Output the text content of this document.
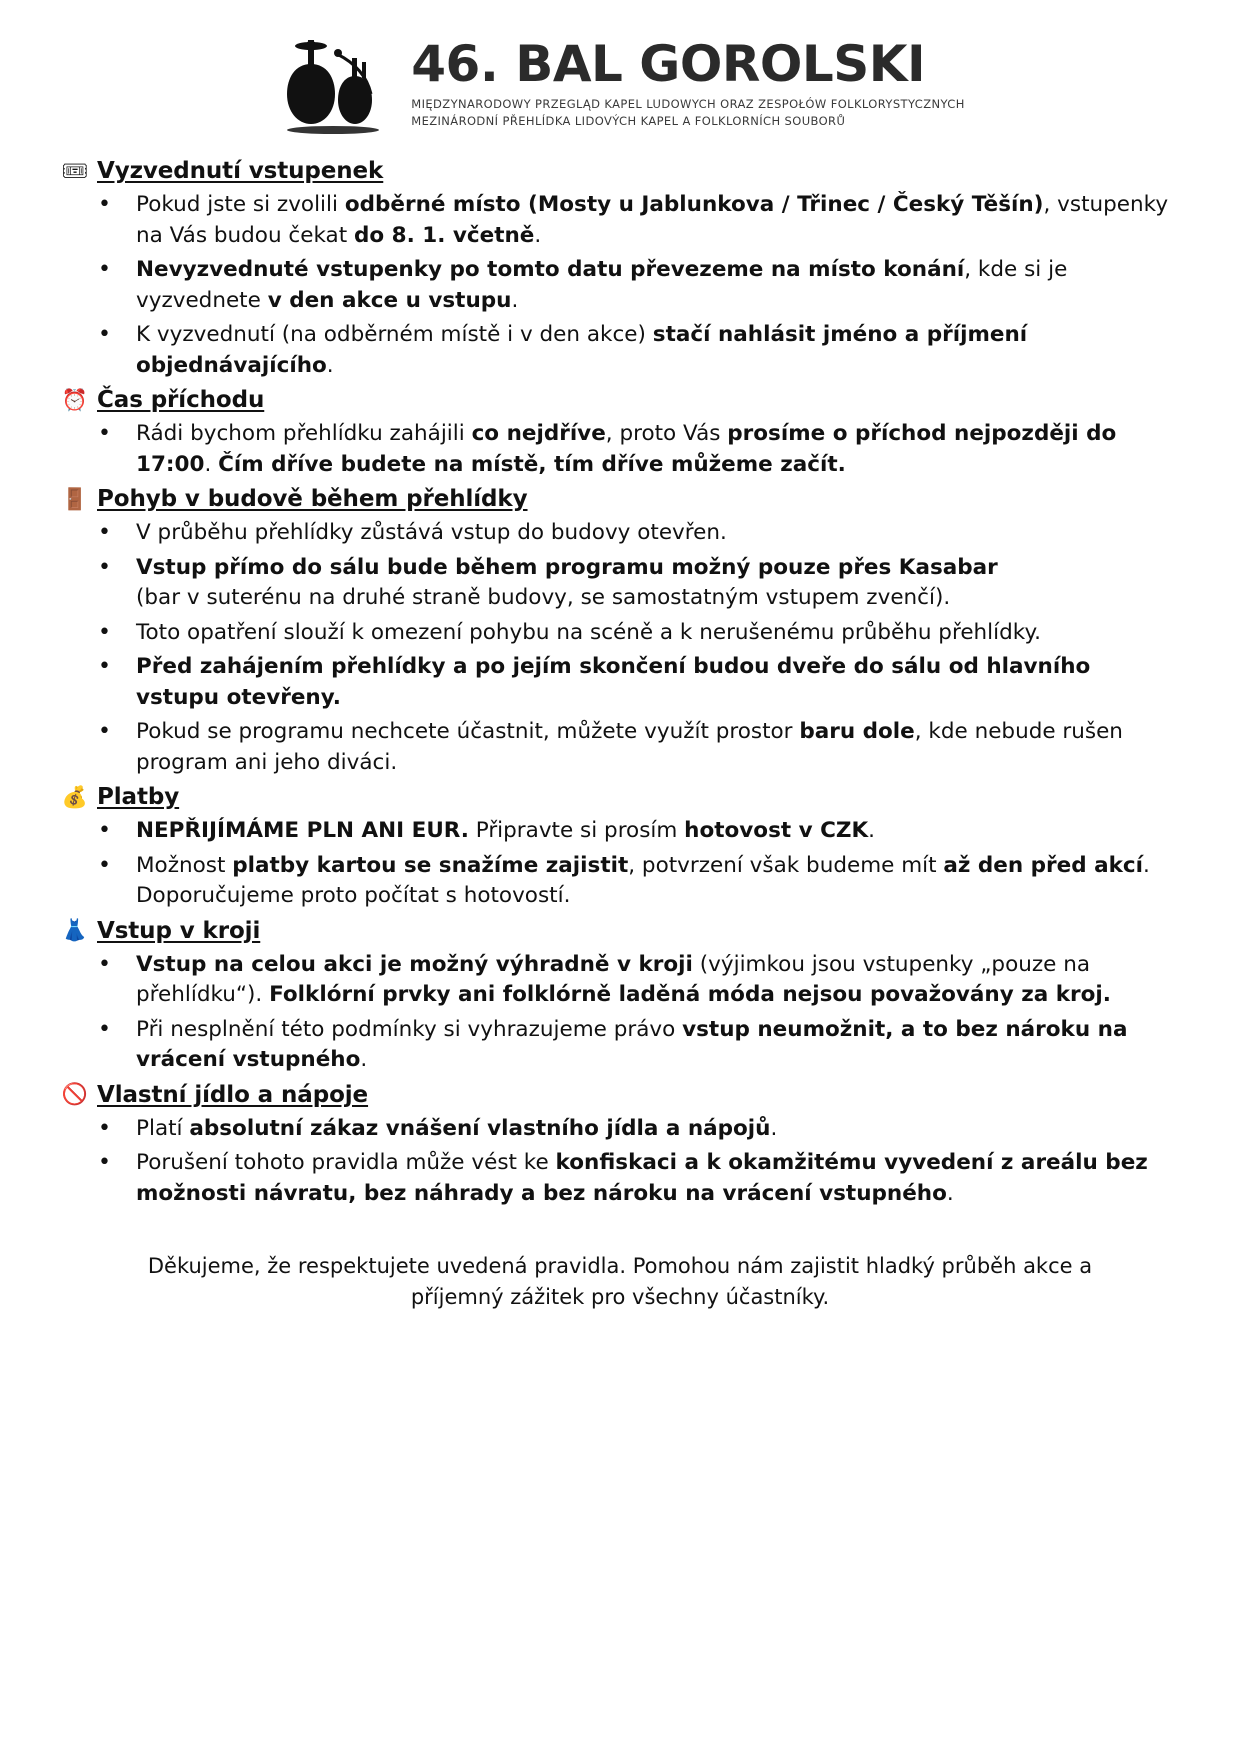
46. BAL GOROLSKI
MIĘDZYNARODOWY PRZEGLĄD KAPEL LUDOWYCH ORAZ ZESPOŁÓW FOLKLORYSTYCZNYCH
MEZINÁRODNÍ PŘEHLÍDKA LIDOVÝCH KAPEL A FOLKLORNÍCH SOUBORŮ
🎟 Vyzvednutí vstupenek
• Pokud jste si zvolili odběrné místo (Mosty u Jablunkova / Třinec / Český Těšín), vstupenky na Vás budou čekat do 8. 1. včetně.
• Nevyzvednuté vstupenky po tomto datu převezeme na místo konání, kde si je vyzvednete v den akce u vstupu.
• K vyzvednutí (na odběrném místě i v den akce) stačí nahlásit jméno a příjmení objednávajícího.
⏰ Čas příchodu
• Rádi bychom přehlídku zahájili co nejdříve, proto Vás prosíme o příchod nejpozději do 17:00. Čím dříve budete na místě, tím dříve můžeme začít.
🚪 Pohyb v budově během přehlídky
• V průběhu přehlídky zůstává vstup do budovy otevřen.
• Vstup přímo do sálu bude během programu možný pouze přes Kasabar
(bar v suterénu na druhé straně budovy, se samostatným vstupem zvenčí).
• Toto opatření slouží k omezení pohybu na scéně a k nerušenému průběhu přehlídky.
• Před zahájením přehlídky a po jejím skončení budou dveře do sálu od hlavního vstupu otevřeny.
• Pokud se programu nechcete účastnit, můžete využít prostor baru dole, kde nebude rušen program ani jeho diváci.
💰 Platby
• NEPŘIJÍMÁME PLN ANI EUR. Připravte si prosím hotovost v CZK.
• Možnost platby kartou se snažíme zajistit, potvrzení však budeme mít až den před akcí. Doporučujeme proto počítat s hotovostí.
👗 Vstup v kroji
• Vstup na celou akci je možný výhradně v kroji (výjimkou jsou vstupenky „pouze na přehlídku“). Folklórní prvky ani folklórně laděná móda nejsou považovány za kroj.
• Při nesplnění této podmínky si vyhrazujeme právo vstup neumožnit, a to bez nároku na vrácení vstupného.
🚫 Vlastní jídlo a nápoje
• Platí absolutní zákaz vnášení vlastního jídla a nápojů.
• Porušení tohoto pravidla může vést ke konfiskaci a k okamžitému vyvedení z areálu bez možnosti návratu, bez náhrady a bez nároku na vrácení vstupného.
Děkujeme, že respektujete uvedená pravidla. Pomohou nám zajistit hladký průběh akce a příjemný zážitek pro všechny účastníky.
